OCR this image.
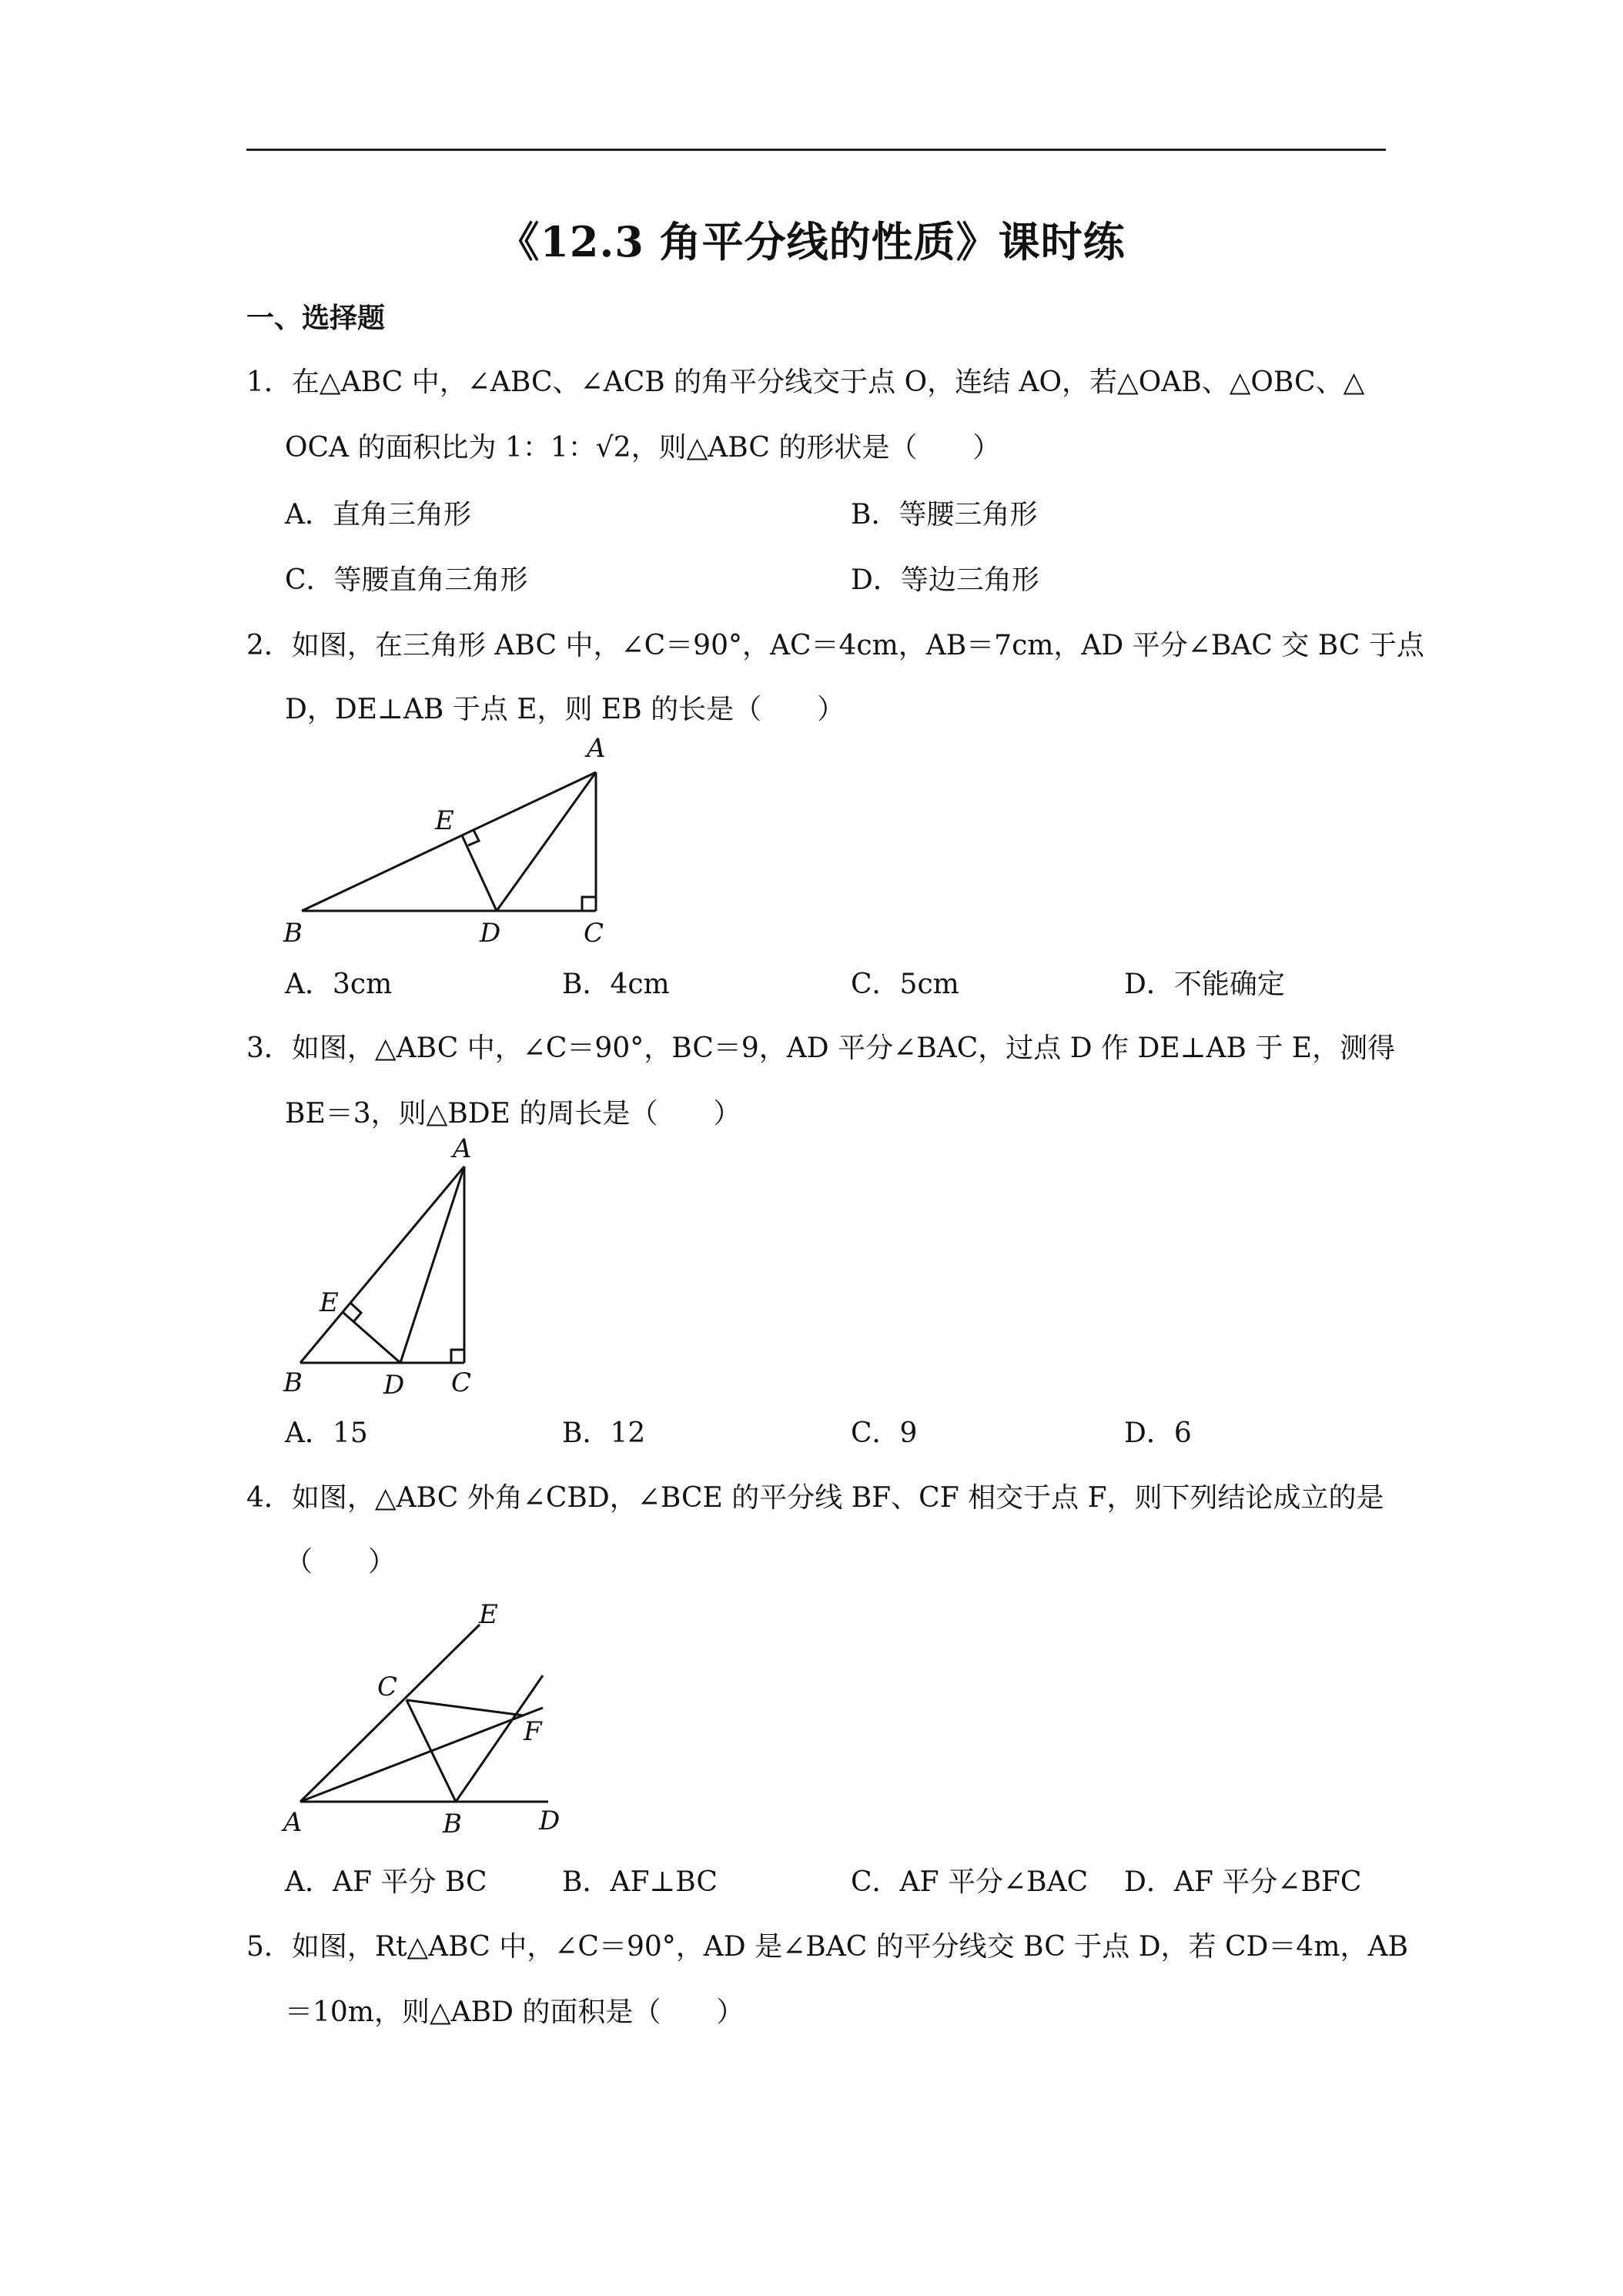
《12.3 角平分线的性质》课时练
一、选择题
1．在△ABC 中，∠ABC、∠ACB 的角平分线交于点 O，连结 AO，若△OAB、△OBC、△
OCA 的面积比为 1：1：√2，则△ABC 的形状是（　　）
A．直角三角形	B．等腰三角形
C．等腰直角三角形	D．等边三角形
2．如图，在三角形 ABC 中，∠C＝90°，AC＝4cm，AB＝7cm，AD 平分∠BAC 交 BC 于点
D，DE⊥AB 于点 E，则 EB 的长是（　　）
A
E
B	D	C
A．3cm	B．4cm	C．5cm	D．不能确定
3．如图，△ABC 中，∠C＝90°，BC＝9，AD 平分∠BAC，过点 D 作 DE⊥AB 于 E，测得
BE＝3，则△BDE 的周长是（　　）
A
E
B	D C
A．15	B．12	C．9	D．6
4．如图，△ABC 外角∠CBD，∠BCE 的平分线 BF、CF 相交于点 F，则下列结论成立的是
（　　）
E
C
F
A	B	D
A．AF 平分 BC	B．AF⊥BC	C．AF 平分∠BAC D．AF 平分∠BFC
5．如图，Rt△ABC 中，∠C＝90°，AD 是∠BAC 的平分线交 BC 于点 D，若 CD＝4m，AB
＝10m，则△ABD 的面积是（　　）
